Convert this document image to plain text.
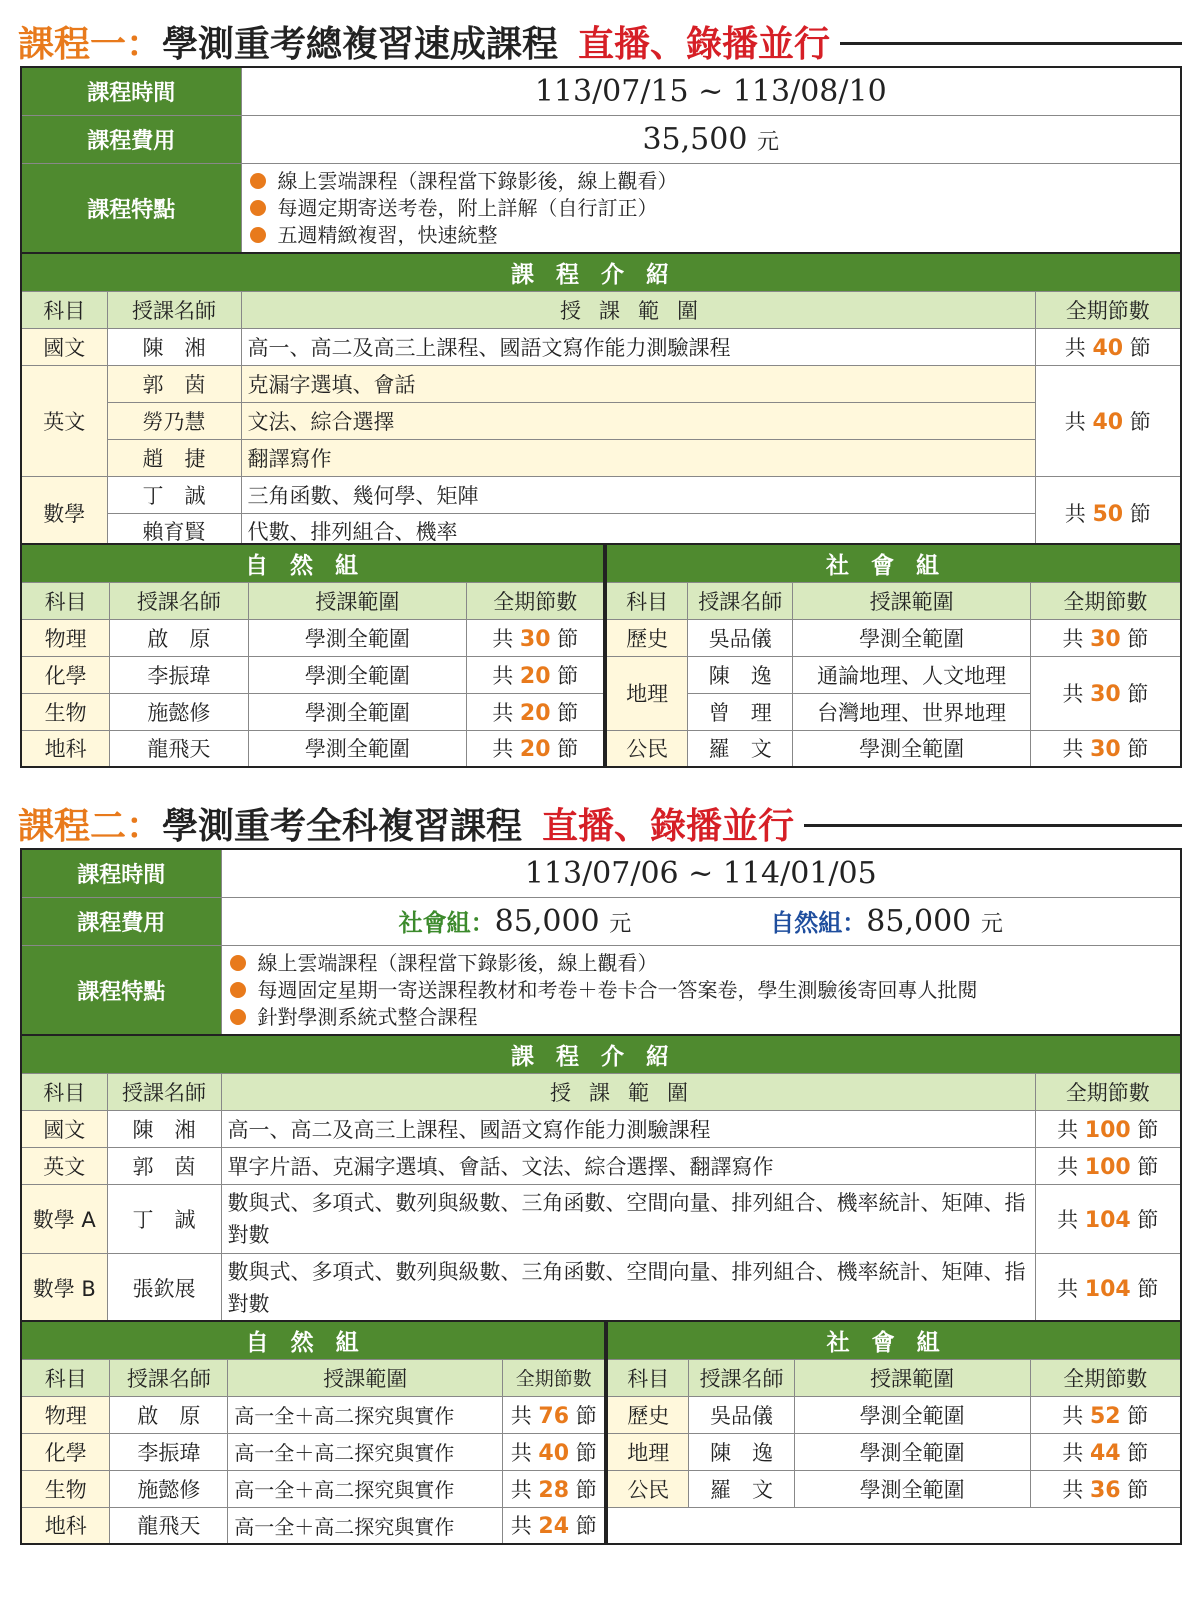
課程一： 學測重考總複習速成課程 直播、錄播並行
課程時間	113/07/15 ~ 113/08/10
課程費用	35,500 元
課程特點	線上雲端課程（課程當下錄影後，線上觀看）
每週定期寄送考卷，附上詳解（自行訂正）
五週精緻複習，快速統整
課程介紹			
科目	授課名師	授課範圍	全期節數
國文	陳　湘	高一、高二及高三上課程、國語文寫作能力測驗課程	共 40 節
英文	郭　茵	克漏字選填、會話	共 40 節
	勞乃慧	文法、綜合選擇	
	趙　捷	翻譯寫作	
數學	丁　誠	三角函數、幾何學、矩陣	共 50 節
	賴育賢	代數、排列組合、機率	
自然組				社會組			
科目	授課名師	授課範圍	全期節數	科目	授課名師	授課範圍	全期節數
物理	啟　原	學測全範圍	共 30 節	歷史	吳品儀	學測全範圍	共 30 節
化學	李振瑋	學測全範圍	共 20 節	地理	陳　逸	通論地理、人文地理	共 30 節
生物	施懿修	學測全範圍	共 20 節		曾　理	台灣地理、世界地理	
地科	龍飛天	學測全範圍	共 20 節	公民	羅　文	學測全範圍	共 30 節
課程二： 學測重考全科複習課程 直播、錄播並行
課程時間	113/07/06 ~ 114/01/05
課程費用	社會組：85,000 元 自然組：85,000 元
課程特點	線上雲端課程（課程當下錄影後，線上觀看）
每週固定星期一寄送課程教材和考卷＋卷卡合一答案卷，學生測驗後寄回專人批閱
針對學測系統式整合課程
課程介紹			
科目	授課名師	授課範圍	全期節數
國文	陳　湘	高一、高二及高三上課程、國語文寫作能力測驗課程	共 100 節
英文	郭　茵	單字片語、克漏字選填、會話、文法、綜合選擇、翻譯寫作	共 100 節
數學 A	丁　誠	數與式、多項式、數列與級數、三角函數、空間向量、排列組合、機率統計、矩陣、指對數	共 104 節
數學 B	張欽展	數與式、多項式、數列與級數、三角函數、空間向量、排列組合、機率統計、矩陣、指對數	共 104 節
自然組				社會組			
科目	授課名師	授課範圍	全期節數	科目	授課名師	授課範圍	全期節數
物理	啟　原	高一全＋高二探究與實作	共 76 節	歷史	吳品儀	學測全範圍	共 52 節
化學	李振瑋	高一全＋高二探究與實作	共 40 節	地理	陳　逸	學測全範圍	共 44 節
生物	施懿修	高一全＋高二探究與實作	共 28 節	公民	羅　文	學測全範圍	共 36 節
地科	龍飛天	高一全＋高二探究與實作	共 24 節				
